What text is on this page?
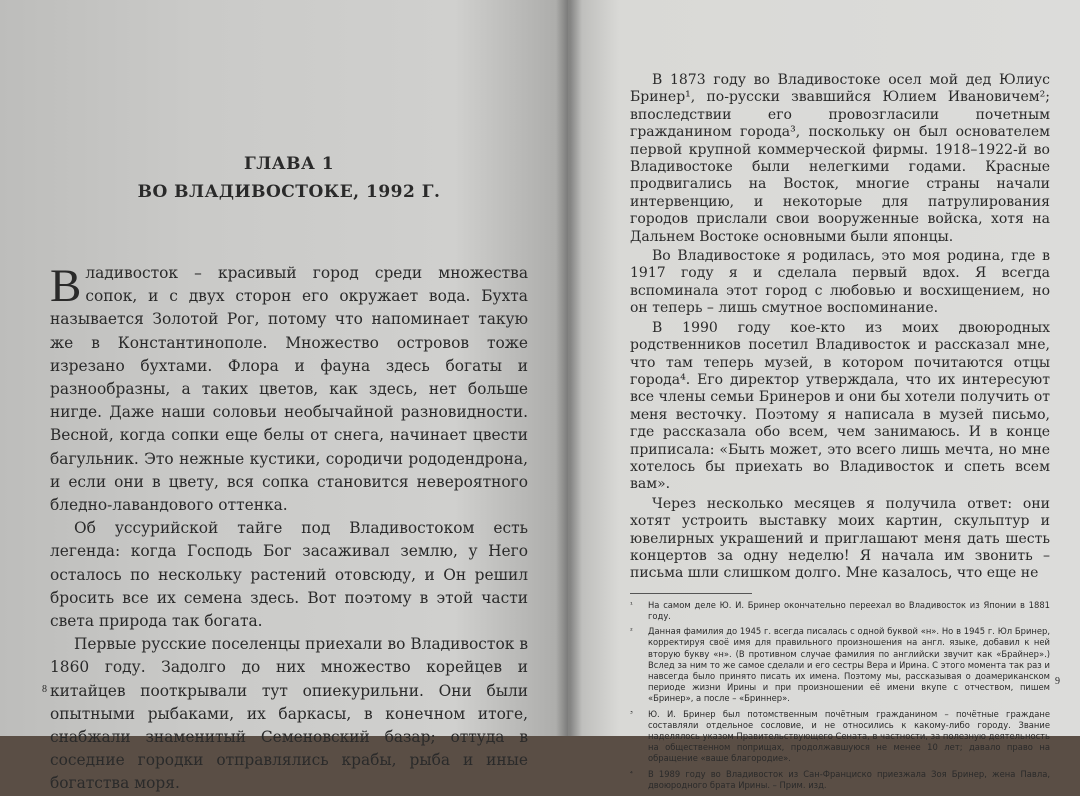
ГЛАВА 1
ВО ВЛАДИВОСТОКЕ, 1992 Г.

Владивосток – красивый город среди множества сопок, и с двух сторон его окружает вода. Бухта называется Золотой Рог, потому что напоминает такую же в Константинополе. Множество островов тоже изрезано бухтами. Флора и фауна здесь богаты и разнообразны, а таких цветов, как здесь, нет больше нигде. Даже наши соловьи необычайной разновидности. Весной, когда сопки еще белы от снега, начинает цвести багульник. Это нежные кустики, сородичи рододендрона, и если они в цвету, вся сопка становится невероятного бледно-лавандового оттенка.

Об уссурийской тайге под Владивостоком есть легенда: когда Господь Бог засаживал землю, у Него осталось по нескольку растений отовсюду, и Он решил бросить все их семена здесь. Вот поэтому в этой части света природа так богата.

Первые русские поселенцы приехали во Владивосток в 1860 году. Задолго до них множество корейцев и китайцев пооткрывали тут опиекурильни. Они были опытными рыбаками, их баркасы, в конечном итоге, снабжали знаменитый Семеновский базар; оттуда в соседние городки отправлялись крабы, рыба и иные богатства моря.

8

В 1873 году во Владивостоке осел мой дед Юлиус Бринер¹, по-русски звавшийся Юлием Ивановичем²; впоследствии его провозгласили почетным гражданином города³, поскольку он был основателем первой крупной коммерческой фирмы. 1918–1922-й во Владивостоке были нелегкими годами. Красные продвигались на Восток, многие страны начали интервенцию, и некоторые для патрулирования городов прислали свои вооруженные войска, хотя на Дальнем Востоке основными были японцы.

Во Владивостоке я родилась, это моя родина, где в 1917 году я и сделала первый вдох. Я всегда вспоминала этот город с любовью и восхищением, но он теперь – лишь смутное воспоминание.

В 1990 году кое-кто из моих двоюродных родственников посетил Владивосток и рассказал мне, что там теперь музей, в котором почитаются отцы города⁴. Его директор утверждала, что их интересуют все члены семьи Бринеров и они бы хотели получить от меня весточку. Поэтому я написала в музей письмо, где рассказала обо всем, чем занимаюсь. И в конце приписала: «Быть может, это всего лишь мечта, но мне хотелось бы приехать во Владивосток и спеть всем вам».

Через несколько месяцев я получила ответ: они хотят устроить выставку моих картин, скульптур и ювелирных украшений и приглашают меня дать шесть концертов за одну неделю! Я начала им звонить – письма шли слишком долго. Мне казалось, что еще не

¹ На самом деле Ю. И. Бринер окончательно переехал во Владивосток из Японии в 1881 году.
² Данная фамилия до 1945 г. всегда писалась с одной буквой «н». Но в 1945 г. Юл Бринер, корректируя своё имя для правильного произношения на англ. языке, добавил к ней вторую букву «н». (В противном случае фамилия по английски звучит как «Брайнер».) Вслед за ним то же самое сделали и его сестры Вера и Ирина. С этого момента так раз и навсегда было принято писать их имена. Поэтому мы, рассказывая о доамериканском периоде жизни Ирины и при произношении её имени вкупе с отчеством, пишем «Бринер», а после – «Бриннер».
³ Ю. И. Бринер был потомственным почётным гражданином – почётные граждане составляли отдельное сословие, и не относились к какому-либо городу. Звание наделялось указом Правительствующего Сената, в частности, за полезную деятельность на общественном поприщах, продолжавшуюся не менее 10 лет; давало право на обращение «ваше благородие».
⁴ В 1989 году во Владивосток из Сан-Франциско приезжала Зоя Бринер, жена Павла, двоюродного брата Ирины. – Прим. изд.
9
